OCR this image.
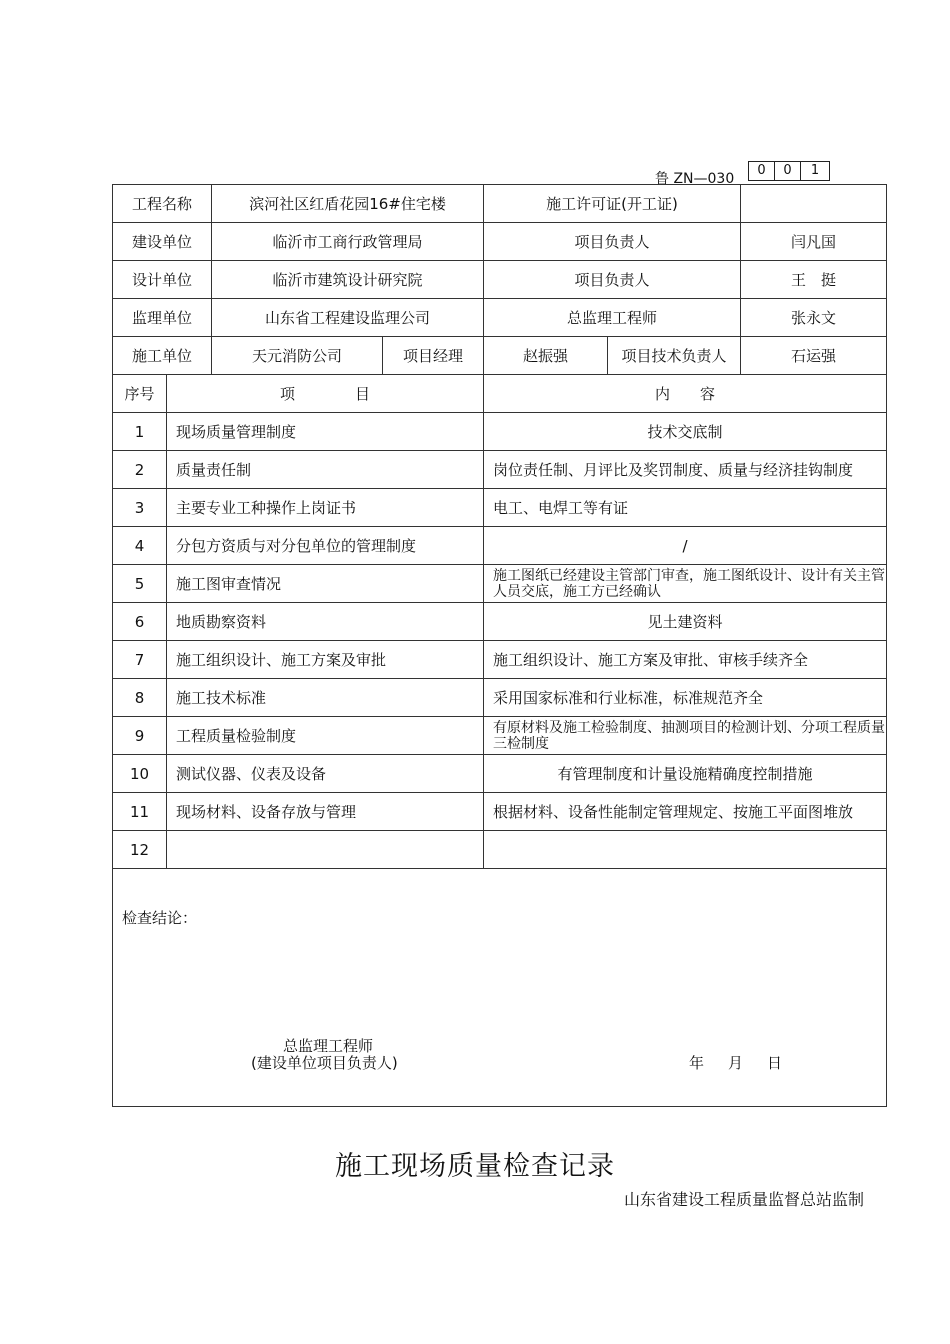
鲁 ZN—030
0	0	1
工程名称		滨河社区红盾花园16#住宅楼		施工许可证(开工证)		
建设单位		临沂市工商行政管理局		项目负责人		闫凡国
设计单位		临沂市建筑设计研究院		项目负责人		王　挺
监理单位		山东省工程建设监理公司		总监理工程师		张永文
施工单位		天元消防公司	项目经理	赵振强	项目技术负责人	石运强
序号	项　　　　目			内　　容		
1	现场质量管理制度			技术交底制		
2	质量责任制			岗位责任制、月评比及奖罚制度、质量与经济挂钩制度		
3	主要专业工种操作上岗证书			电工、电焊工等有证		
4	分包方资质与对分包单位的管理制度			/		
5	施工图审查情况			施工图纸已经建设主管部门审查，施工图纸设计、设计有关主管人员交底，施工方已经确认		
6	地质勘察资料			见土建资料		
7	施工组织设计、施工方案及审批			施工组织设计、施工方案及审批、审核手续齐全		
8	施工技术标准			采用国家标准和行业标准，标准规范齐全		
9	工程质量检验制度			有原材料及施工检验制度、抽测项目的检测计划、分项工程质量三检制度		
10	测试仪器、仪表及设备			有管理制度和计量设施精确度控制措施		
11	现场材料、设备存放与管理			根据材料、设备性能制定管理规定、按施工平面图堆放		
12						

检查结论：
总监理工程师
(建设单位项目负责人) 年 月 日						
施工现场质量检查记录
山东省建设工程质量监督总站监制
